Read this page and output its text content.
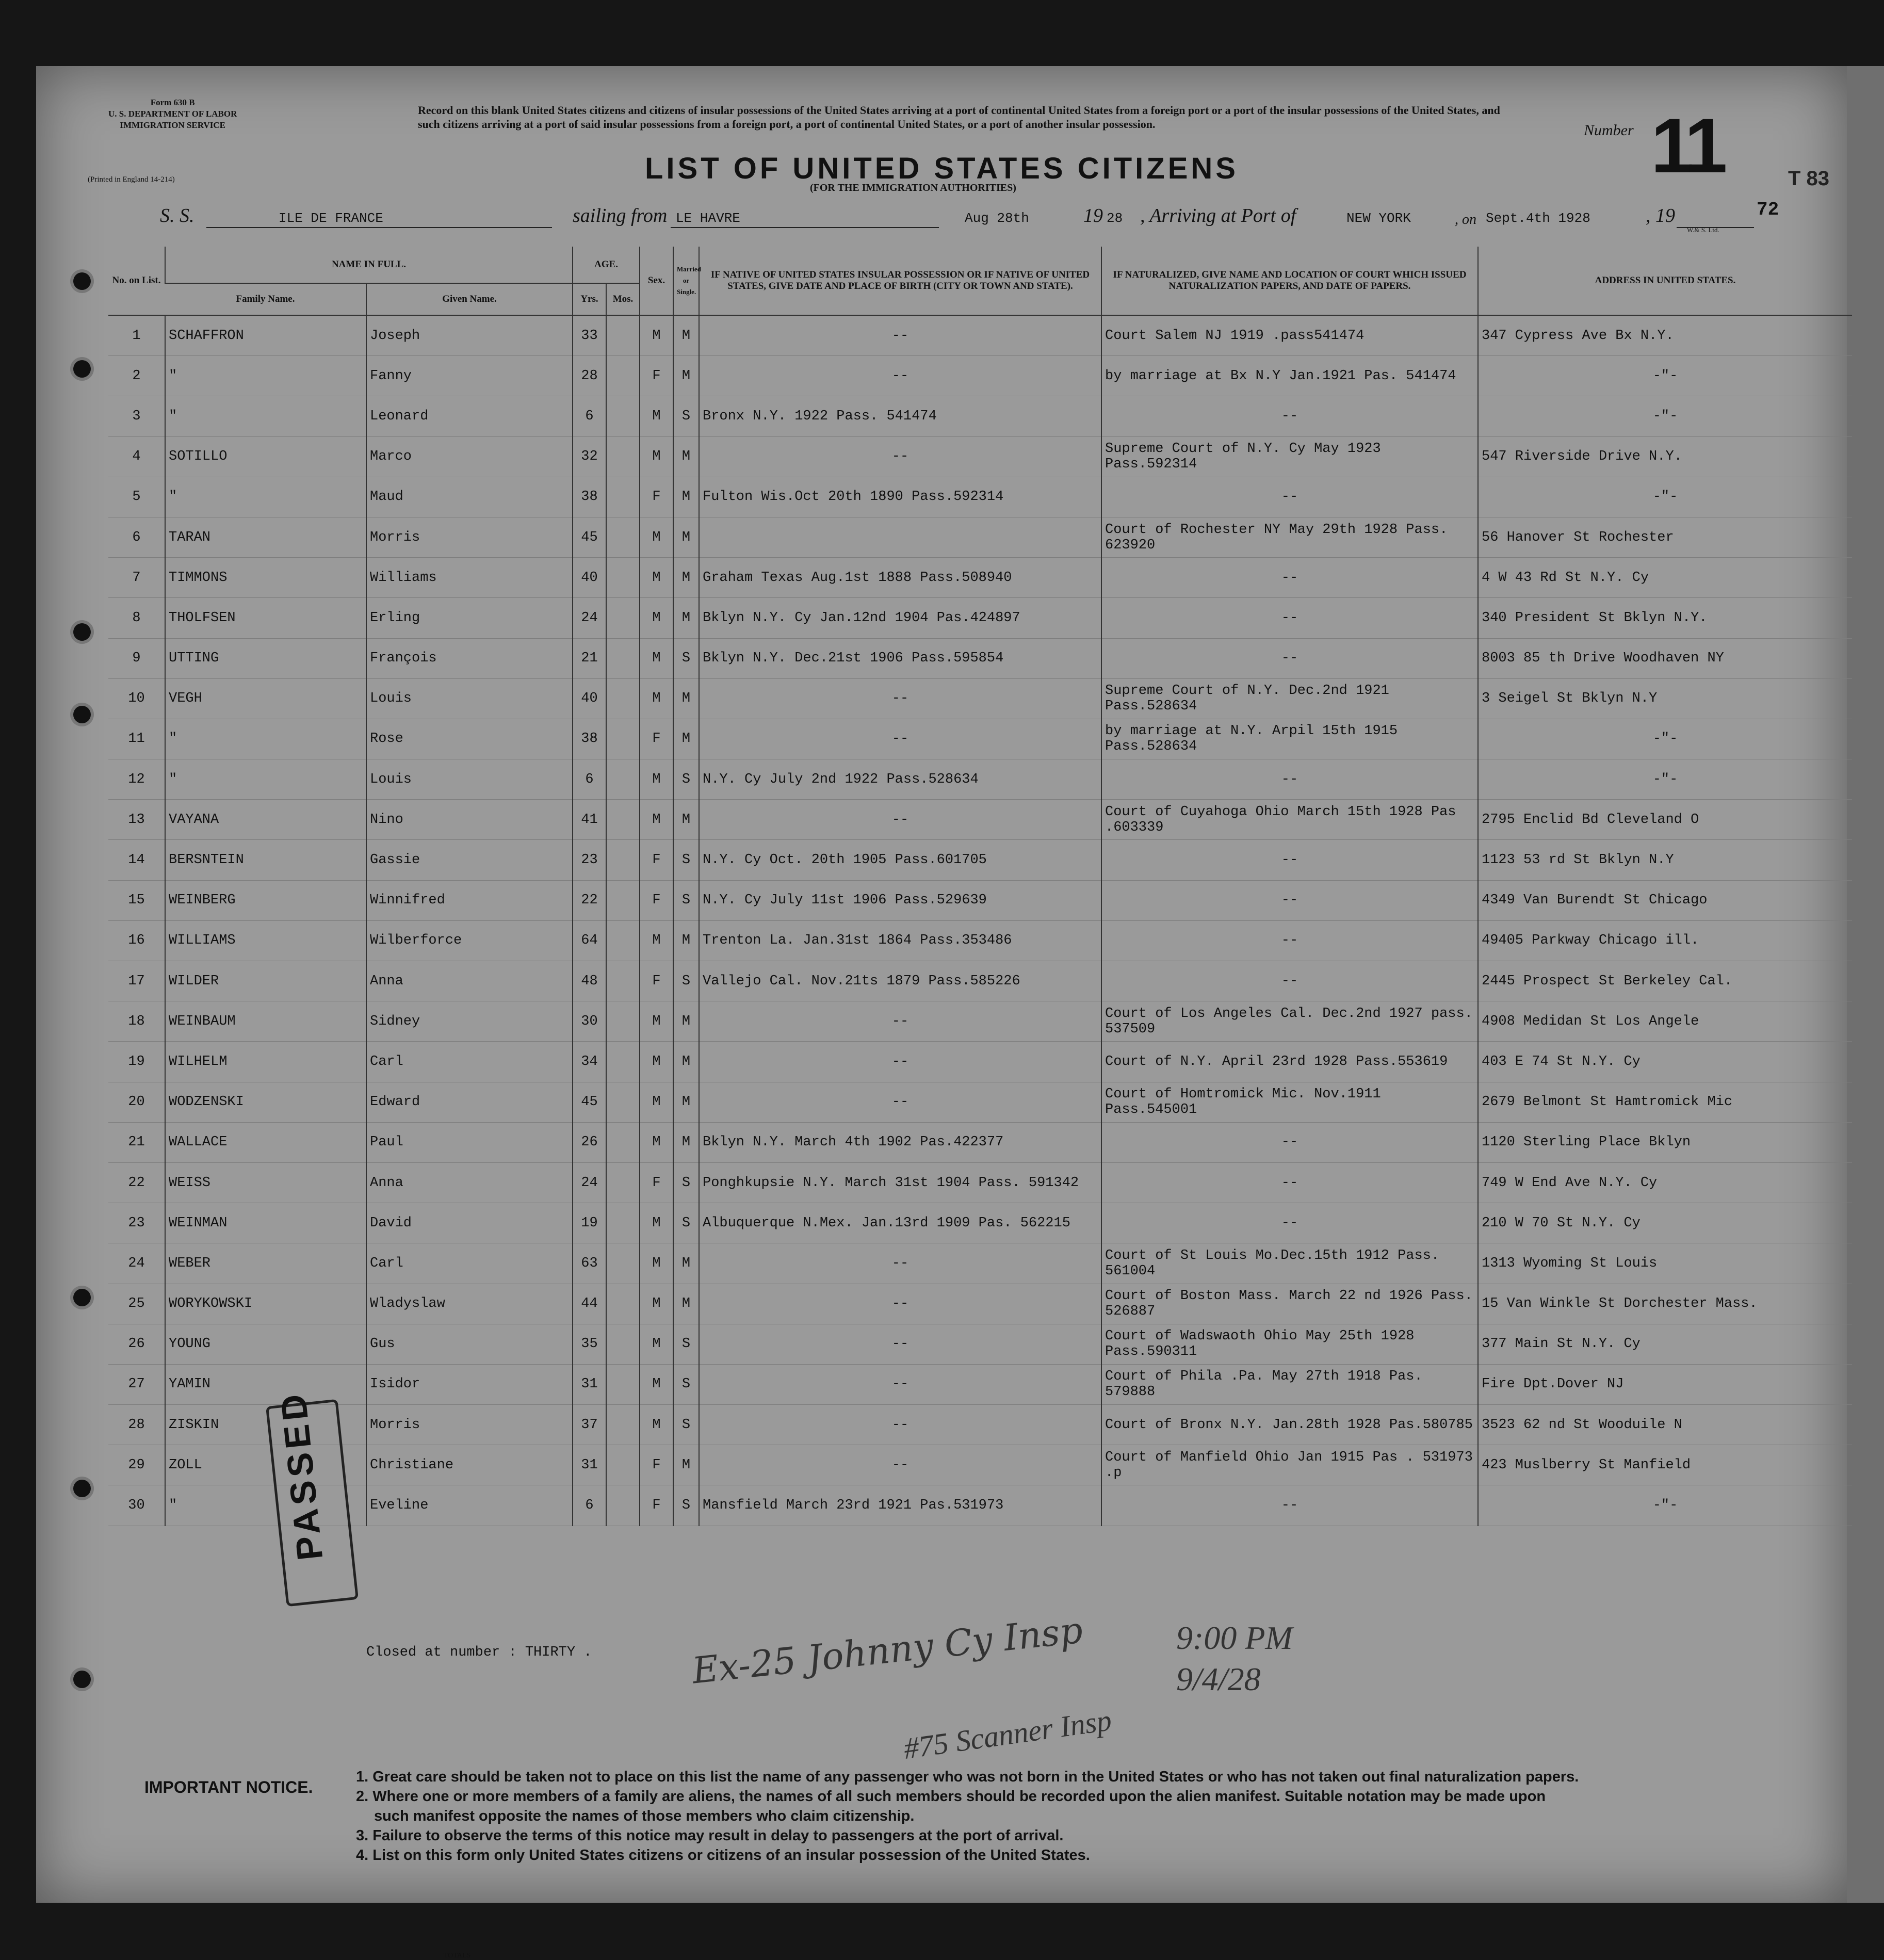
Form 630 B
U. S. DEPARTMENT OF LABOR
IMMIGRATION SERVICE
(Printed in England 14-214)
Record on this blank United States citizens and citizens of insular possessions of the United States arriving at a port of continental United States from a foreign port or a port of the insular possessions of the United States, and such citizens arriving at a port of said insular possessions from a foreign port, a port of continental United States, or a port of another insular possession.
LIST OF UNITED STATES CITIZENS
(FOR THE IMMIGRATION AUTHORITIES)
Number 11
72
S. S.	ILE DE FRANCE	sailing from LE HAVRE	Aug 28th	19 28 , Arriving at Port of	NEW YORK	, on Sept.4th 1928	, 19
W.& S. Ltd.
No. on List.	NAME IN FULL.		AGE.		Sex.	Married or Single.	IF NATIVE OF UNITED STATES INSULAR POSSESSION OR IF NATIVE OF UNITED STATES, GIVE DATE AND PLACE OF BIRTH (CITY OR TOWN AND STATE).	IF NATURALIZED, GIVE NAME AND LOCATION OF COURT WHICH ISSUED NATURALIZATION PAPERS, AND DATE OF PAPERS.	ADDRESS IN UNITED STATES.
	Family Name.	Given Name.	Yrs.	Mos.					
1	SCHAFFRON	Joseph	33		M	M	--	Court Salem NJ 1919 .pass541474	347 Cypress Ave Bx N.Y.
2	"	Fanny	28		F	M	--	by marriage at Bx N.Y Jan.1921 Pas. 541474	-"-
3	"	Leonard	6		M	S	Bronx N.Y. 1922 Pass. 541474	--	-"-
4	SOTILLO	Marco	32		M	M	--	Supreme Court of N.Y. Cy May 1923 Pass.592314	547 Riverside Drive N.Y.
5	"	Maud	38		F	M	Fulton Wis.Oct 20th 1890 Pass.592314	--	-"-
6	TARAN	Morris	45		M	M		Court of Rochester NY May 29th 1928 Pass. 623920	56 Hanover St Rochester
7	TIMMONS	Williams	40		M	M	Graham Texas Aug.1st 1888 Pass.508940	--	4 W 43 Rd St N.Y. Cy
8	THOLFSEN	Erling	24		M	M	Bklyn N.Y. Cy Jan.12nd 1904 Pas.424897	--	340 President St Bklyn N.Y.
9	UTTING	François	21		M	S	Bklyn N.Y. Dec.21st 1906 Pass.595854	--	8003 85 th Drive Woodhaven NY
10	VEGH	Louis	40		M	M	--	Supreme Court of N.Y. Dec.2nd 1921 Pass.528634	3 Seigel St Bklyn N.Y
11	"	Rose	38		F	M	--	by marriage at N.Y. Arpil 15th 1915 Pass.528634	-"-
12	"	Louis	6		M	S	N.Y. Cy July 2nd 1922 Pass.528634	--	-"-
13	VAYANA	Nino	41		M	M	--	Court of Cuyahoga Ohio March 15th 1928 Pas .603339	2795 Enclid Bd Cleveland O
14	BERSNTEIN	Gassie	23		F	S	N.Y. Cy Oct. 20th 1905 Pass.601705	--	1123 53 rd St Bklyn N.Y
15	WEINBERG	Winnifred	22		F	S	N.Y. Cy July 11st 1906 Pass.529639	--	4349 Van Burendt St Chicago
16	WILLIAMS	Wilberforce	64		M	M	Trenton La. Jan.31st 1864 Pass.353486	--	49405 Parkway Chicago ill.
17	WILDER	Anna	48		F	S	Vallejo Cal. Nov.21ts 1879 Pass.585226	--	2445 Prospect St Berkeley Cal.
18	WEINBAUM	Sidney	30		M	M	--	Court of Los Angeles Cal. Dec.2nd 1927 pass. 537509	4908 Medidan St Los Angele
19	WILHELM	Carl	34		M	M	--	Court of N.Y. April 23rd 1928 Pass.553619	403 E 74 St N.Y. Cy
20	WODZENSKI	Edward	45		M	M	--	Court of Homtromick Mic. Nov.1911 Pass.545001	2679 Belmont St Hamtromick Mic
21	WALLACE	Paul	26		M	M	Bklyn N.Y. March 4th 1902 Pas.422377	--	1120 Sterling Place Bklyn
22	WEISS	Anna	24		F	S	Ponghkupsie N.Y. March 31st 1904 Pass. 591342	--	749 W End Ave N.Y. Cy
23	WEINMAN	David	19		M	S	Albuquerque N.Mex. Jan.13rd 1909 Pas. 562215	--	210 W 70 St N.Y. Cy
24	WEBER	Carl	63		M	M	--	Court of St Louis Mo.Dec.15th 1912 Pass. 561004	1313 Wyoming St Louis
25	WORYKOWSKI	Wladyslaw	44		M	M	--	Court of Boston Mass. March 22 nd 1926 Pass. 526887	15 Van Winkle St Dorchester Mass.
26	YOUNG	Gus	35		M	S	--	Court of Wadswaoth Ohio May 25th 1928 Pass.590311	377 Main St N.Y. Cy
27	YAMIN	Isidor	31		M	S	--	Court of Phila .Pa. May 27th 1918 Pas. 579888	Fire Dpt.Dover NJ
28	ZISKIN	Morris	37		M	S	--	Court of Bronx N.Y. Jan.28th 1928 Pas.580785	3523 62 nd St Wooduile N
29	ZOLL	Christiane	31		F	M	--	Court of Manfield Ohio Jan 1915 Pas . 531973 .p	423 Muslberry St Manfield
30	"	Eveline	6		F	S	Mansfield March 23rd 1921 Pas.531973	--	-"-
Closed at number : THIRTY .
PASSED
Ex-25 Johnny Cy Insp	9:00 PM
9/4/28
#75 Scanner Insp
IMPORTANT NOTICE.
1. Great care should be taken not to place on this list the name of any passenger who was not born in the United States or who has not taken out final naturalization papers.
2. Where one or more members of a family are aliens, the names of all such members should be recorded upon the alien manifest. Suitable notation may be made upon
such manifest opposite the names of those members who claim citizenship.
3. Failure to observe the terms of this notice may result in delay to passengers at the port of arrival.
4. List on this form only United States citizens or citizens of an insular possession of the United States.
TOTALS
T 83
